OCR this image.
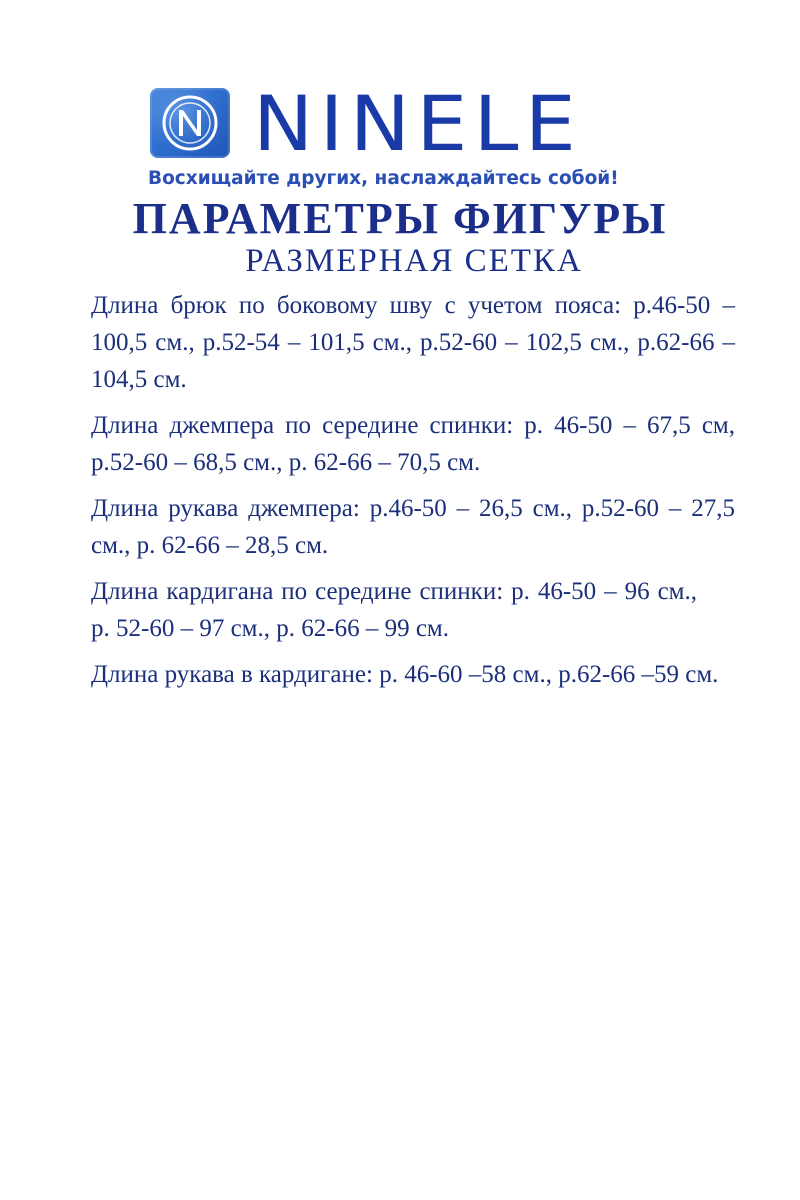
NINELE
Восхищайте других, наслаждайтесь собой!
ПАРАМЕТРЫ ФИГУРЫ
РАЗМЕРНАЯ СЕТКА

Длина брюк по боковому шву с учетом пояса: р.46-50 – 100,5 см., р.52-54 – 101,5 см., р.52-60 – 102,5 см., р.62-66 – 104,5 см.

Длина джемпера по середине спинки: р. 46-50 – 67,5 см, р.52-60 – 68,5 см., р. 62-66 – 70,5 см.

Длина рукава джемпера: р.46-50 – 26,5 см., р.52-60 – 27,5 см., р. 62-66 – 28,5 см.

Длина кардигана по середине спинки: р. 46-50 – 96 см.,р. 52-60 – 97 см., р. 62-66 – 99 см.

Длина рукава в кардигане: р. 46-60 –58 см., р.62-66 –59 см.
